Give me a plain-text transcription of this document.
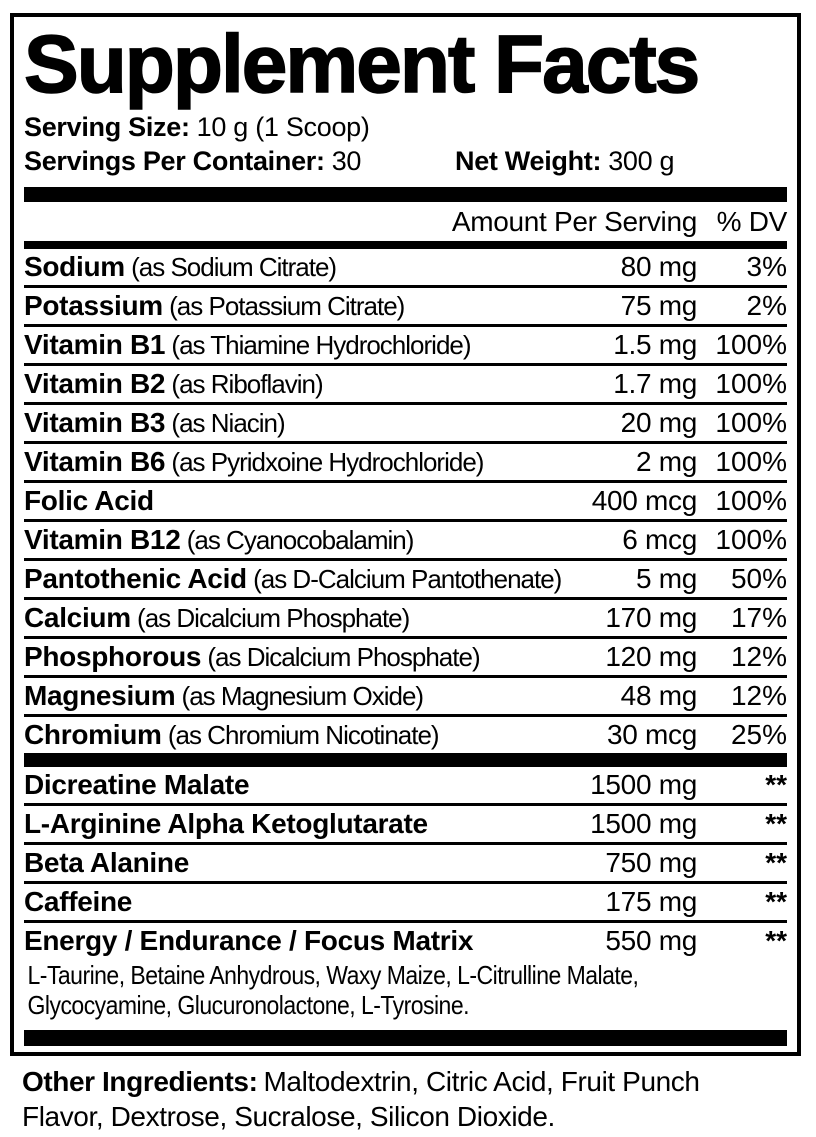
Supplement Facts
Serving Size: 10 g (1 Scoop)
Servings Per Container: 30	Net Weight: 300 g
Amount Per Serving % DV
Sodium (as Sodium Citrate)	80 mg	3%
Potassium (as Potassium Citrate)	75 mg	2%
Vitamin B1 (as Thiamine Hydrochloride)	1.5 mg 100%
Vitamin B2 (as Riboflavin)	1.7 mg 100%
Vitamin B3 (as Niacin)	20 mg 100%
Vitamin B6 (as Pyridxoine Hydrochloride)	2 mg 100%
Folic Acid	400 mcg 100%
Vitamin B12 (as Cyanocobalamin)	6 mcg 100%
Pantothenic Acid (as D-Calcium Pantothenate)	5 mg	50%
Calcium (as Dicalcium Phosphate)	170 mg	17%
Phosphorous (as Dicalcium Phosphate)	120 mg	12%
Magnesium (as Magnesium Oxide)	48 mg	12%
Chromium (as Chromium Nicotinate)	30 mcg	25%
Dicreatine Malate	1500 mg	**
L-Arginine Alpha Ketoglutarate	1500 mg	**
Beta Alanine	750 mg	**
Caffeine	175 mg	**
Energy / Endurance / Focus Matrix	550 mg	**
L-Taurine, Betaine Anhydrous, Waxy Maize, L-Citrulline Malate, Glycocyamine, Glucuronolactone, L-Tyrosine.
Other Ingredients: Maltodextrin, Citric Acid, Fruit Punch Flavor, Dextrose, Sucralose, Silicon Dioxide.
